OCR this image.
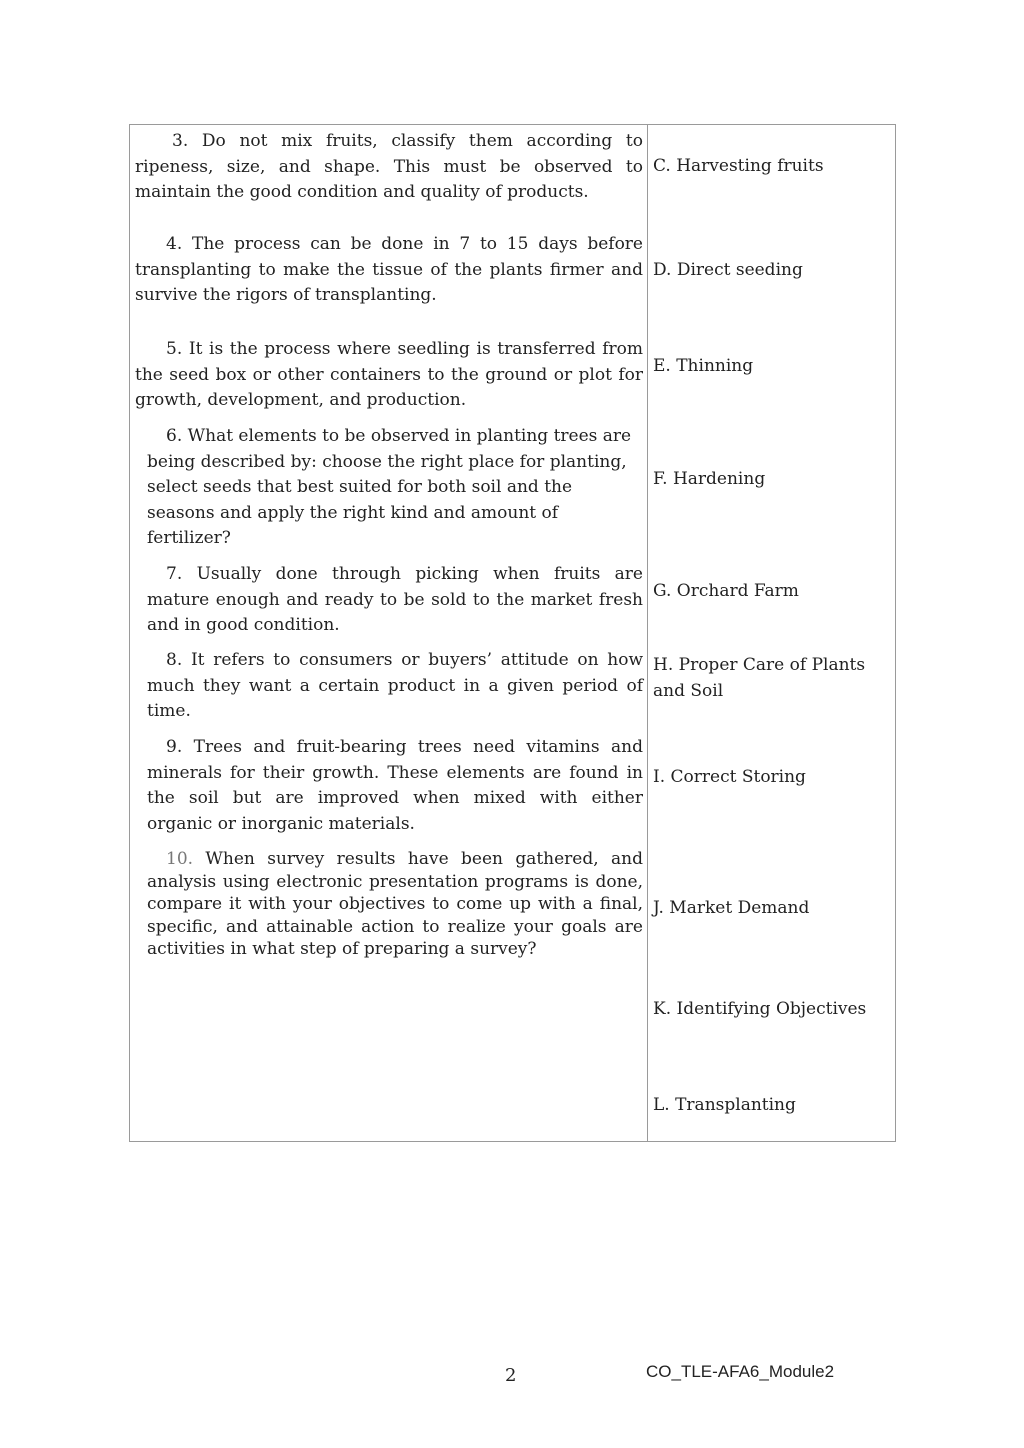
3. Do not mix fruits, classify them according to ripeness, size, and shape. This must be observed to maintain the good condition and quality of products.
4. The process can be done in 7 to 15 days before transplanting to make the tissue of the plants firmer and survive the rigors of transplanting.
5. It is the process where seedling is transferred from the seed box or other containers to the ground or plot for growth, development, and production.
6. What elements to be observed in planting trees are being described by: choose the right place for planting, select seeds that best suited for both soil and the seasons and apply the right kind and amount of fertilizer?
7. Usually done through picking when fruits are mature enough and ready to be sold to the market fresh and in good condition.
8. It refers to consumers or buyers’ attitude on how much they want a certain product in a given period of time.
9. Trees and fruit-bearing trees need vitamins and minerals for their growth. These elements are found in the soil but are improved when mixed with either organic or inorganic materials.
10. When survey results have been gathered, and analysis using electronic presentation programs is done, compare it with your objectives to come up with a final, specific, and attainable action to realize your goals are activities in what step of preparing a survey?
C. Harvesting fruits
D. Direct seeding
E. Thinning
F. Hardening
G. Orchard Farm
H. Proper Care of Plants and Soil
I. Correct Storing
J. Market Demand
K. Identifying Objectives
L. Transplanting
2	CO_TLE-AFA6_Module2
